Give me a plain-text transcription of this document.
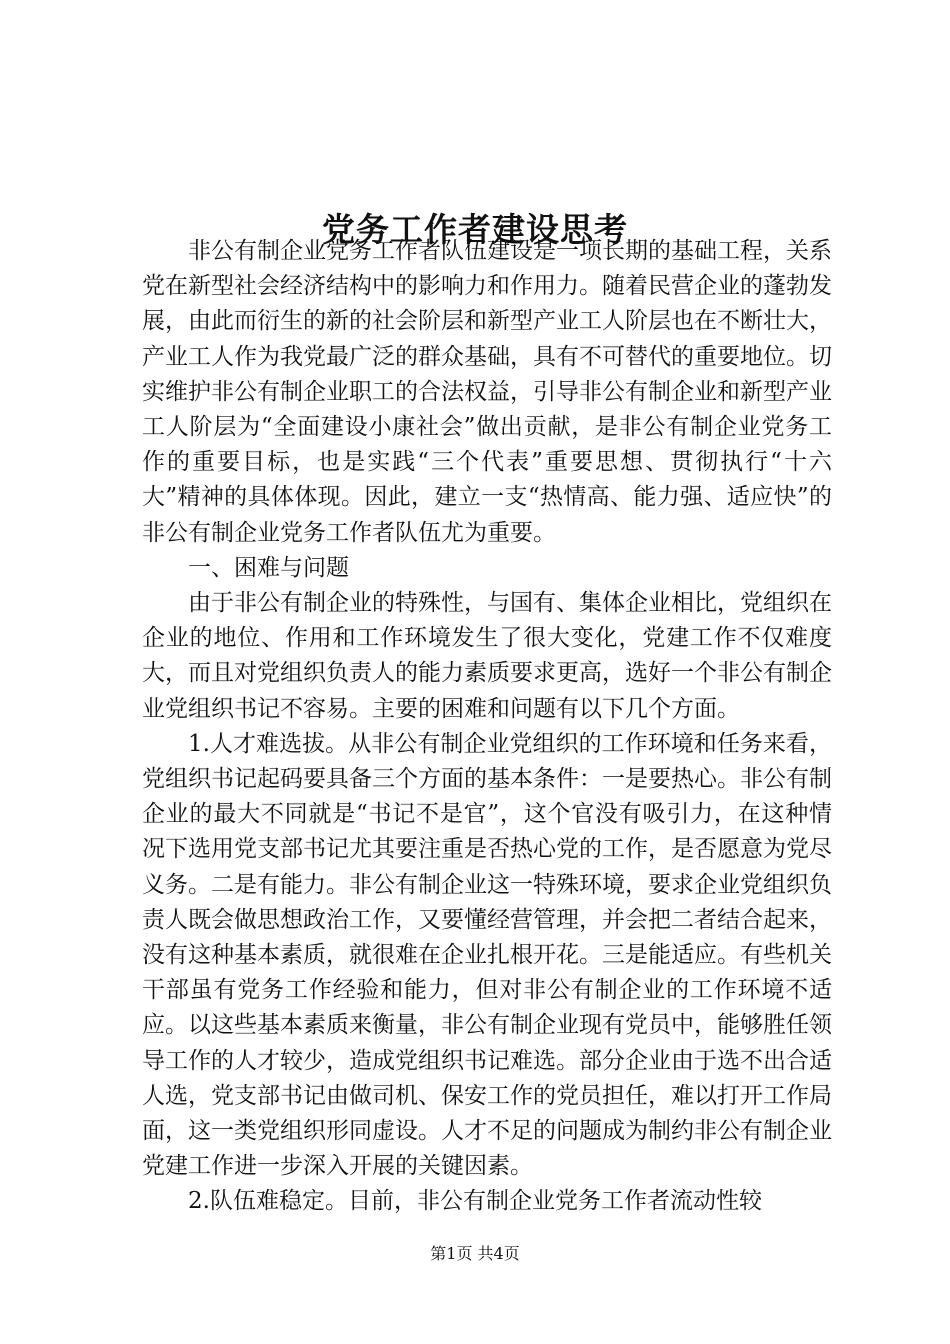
党务工作者建设思考

非公有制企业党务工作者队伍建设是一项长期的基础工程，关系党在新型社会经济结构中的影响力和作用力。随着民营企业的蓬勃发展，由此而衍生的新的社会阶层和新型产业工人阶层也在不断壮大，产业工人作为我党最广泛的群众基础，具有不可替代的重要地位。切实维护非公有制企业职工的合法权益，引导非公有制企业和新型产业工人阶层为“全面建设小康社会”做出贡献，是非公有制企业党务工作的重要目标，也是实践“三个代表”重要思想、贯彻执行“十六大”精神的具体体现。因此，建立一支“热情高、能力强、适应快”的非公有制企业党务工作者队伍尤为重要。

一、困难与问题

由于非公有制企业的特殊性，与国有、集体企业相比，党组织在企业的地位、作用和工作环境发生了很大变化，党建工作不仅难度大，而且对党组织负责人的能力素质要求更高，选好一个非公有制企业党组织书记不容易。主要的困难和问题有以下几个方面。

1.人才难选拔。从非公有制企业党组织的工作环境和任务来看，党组织书记起码要具备三个方面的基本条件：一是要热心。非公有制企业的最大不同就是“书记不是官”，这个官没有吸引力，在这种情况下选用党支部书记尤其要注重是否热心党的工作，是否愿意为党尽义务。二是有能力。非公有制企业这一特殊环境，要求企业党组织负责人既会做思想政治工作，又要懂经营管理，并会把二者结合起来，没有这种基本素质，就很难在企业扎根开花。三是能适应。有些机关干部虽有党务工作经验和能力，但对非公有制企业的工作环境不适应。以这些基本素质来衡量，非公有制企业现有党员中，能够胜任领导工作的人才较少，造成党组织书记难选。部分企业由于选不出合适人选，党支部书记由做司机、保安工作的党员担任，难以打开工作局面，这一类党组织形同虚设。人才不足的问题成为制约非公有制企业党建工作进一步深入开展的关键因素。

2.队伍难稳定。目前，非公有制企业党务工作者流动性较

第1页 共4页
